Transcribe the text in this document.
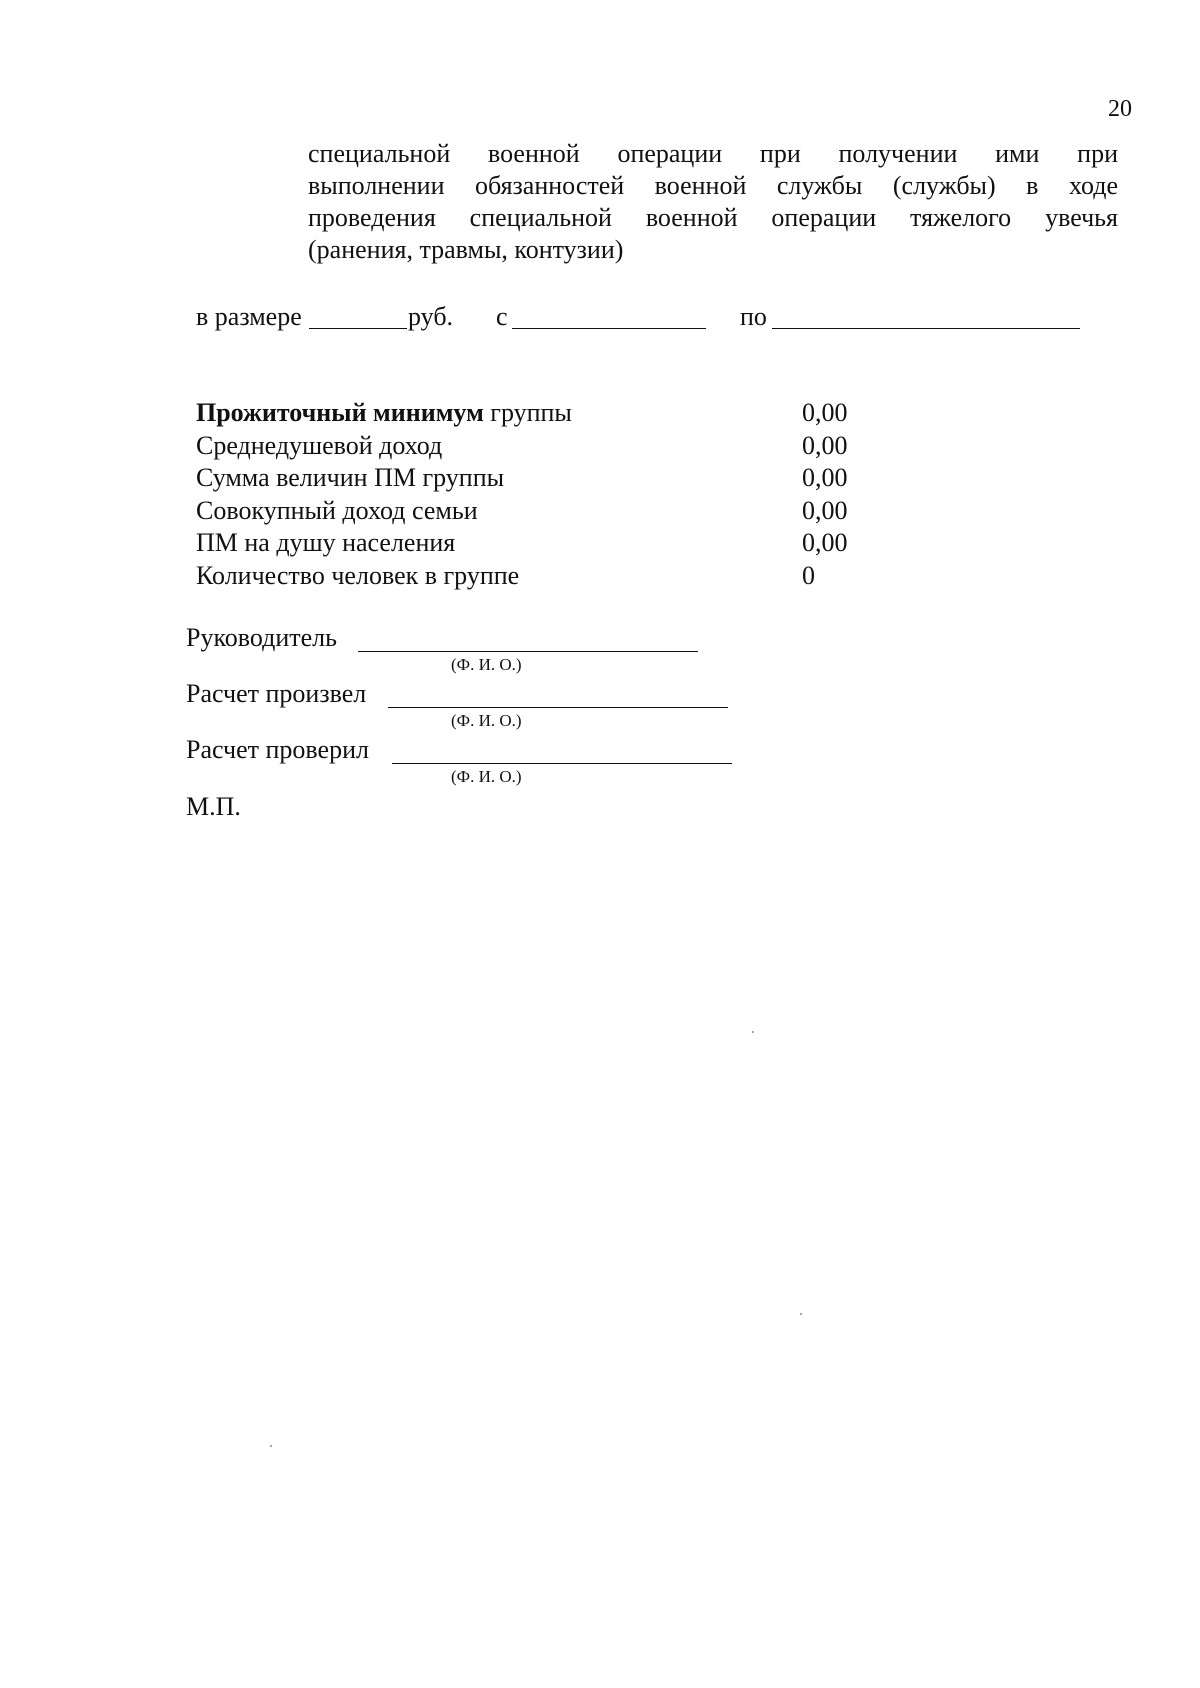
20
специальной военной операции при получении ими при
выполнении обязанностей военной службы (службы) в ходе
проведения специальной военной операции тяжелого увечья
(ранения, травмы, контузии)
в размере	руб. с	по
Прожиточный минимум группы	0,00
Среднедушевой доход	0,00
Сумма величин ПМ группы	0,00
Совокупный доход семьи	0,00
ПМ на душу населения	0,00
Количество человек в группе	0
Руководитель
(Ф. И. О.)
Расчет произвел
(Ф. И. О.)
Расчет проверил
(Ф. И. О.)
М.П.
